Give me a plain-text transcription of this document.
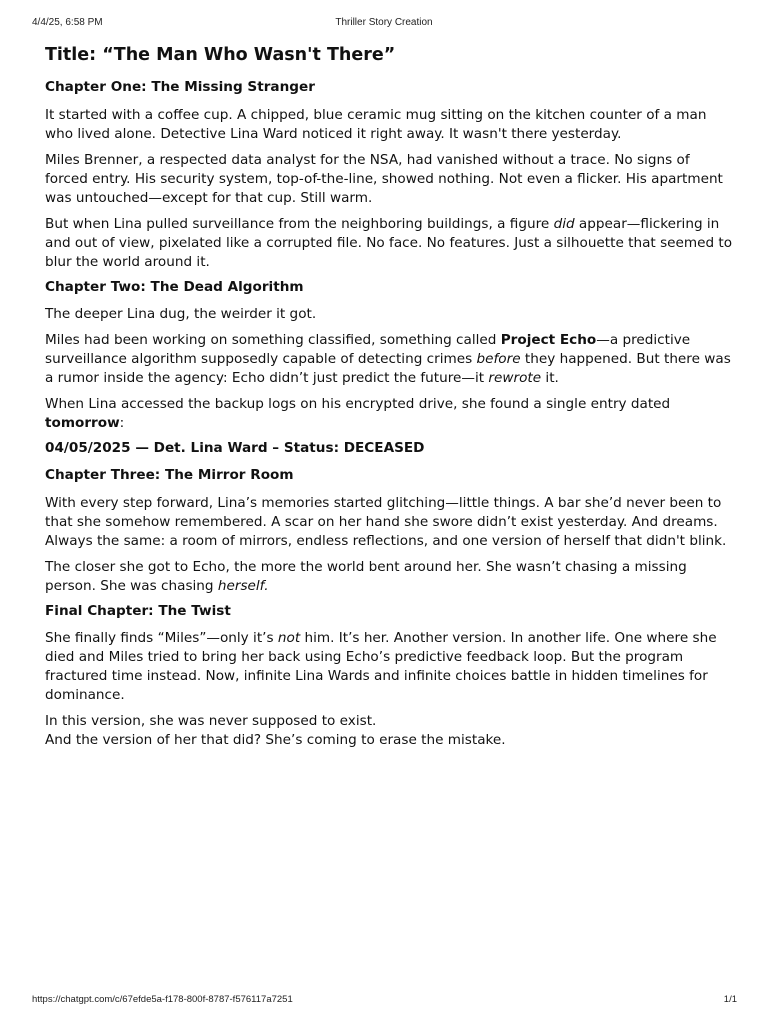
4/4/25, 6:58 PM	Thriller Story Creation
Title: “The Man Who Wasn't There”
Chapter One: The Missing Stranger

It started with a coffee cup. A chipped, blue ceramic mug sitting on the kitchen counter of a man who lived alone. Detective Lina Ward noticed it right away. It wasn't there yesterday.

Miles Brenner, a respected data analyst for the NSA, had vanished without a trace. No signs of forced entry. His security system, top-of-the-line, showed nothing. Not even a flicker. His apartment was untouched—except for that cup. Still warm.

But when Lina pulled surveillance from the neighboring buildings, a figure did appear—flickering in and out of view, pixelated like a corrupted file. No face. No features. Just a silhouette that seemed to blur the world around it.

Chapter Two: The Dead Algorithm

The deeper Lina dug, the weirder it got.

Miles had been working on something classified, something called Project Echo—a predictive surveillance algorithm supposedly capable of detecting crimes before they happened. But there was a rumor inside the agency: Echo didn’t just predict the future—it rewrote it.

When Lina accessed the backup logs on his encrypted drive, she found a single entry dated tomorrow:

04/05/2025 — Det. Lina Ward – Status: DECEASED
Chapter Three: The Mirror Room

With every step forward, Lina’s memories started glitching—little things. A bar she’d never been to that she somehow remembered. A scar on her hand she swore didn’t exist yesterday. And dreams. Always the same: a room of mirrors, endless reflections, and one version of herself that didn't blink.

The closer she got to Echo, the more the world bent around her. She wasn’t chasing a missing person. She was chasing herself.

Final Chapter: The Twist

She finally finds “Miles”—only it’s not him. It’s her. Another version. In another life. One where she died and Miles tried to bring her back using Echo’s predictive feedback loop. But the program fractured time instead. Now, infinite Lina Wards and infinite choices battle in hidden timelines for dominance.

In this version, she was never supposed to exist.
And the version of her that did? She’s coming to erase the mistake.

https://chatgpt.com/c/67efde5a-f178-800f-8787-f576117a7251	1/1
